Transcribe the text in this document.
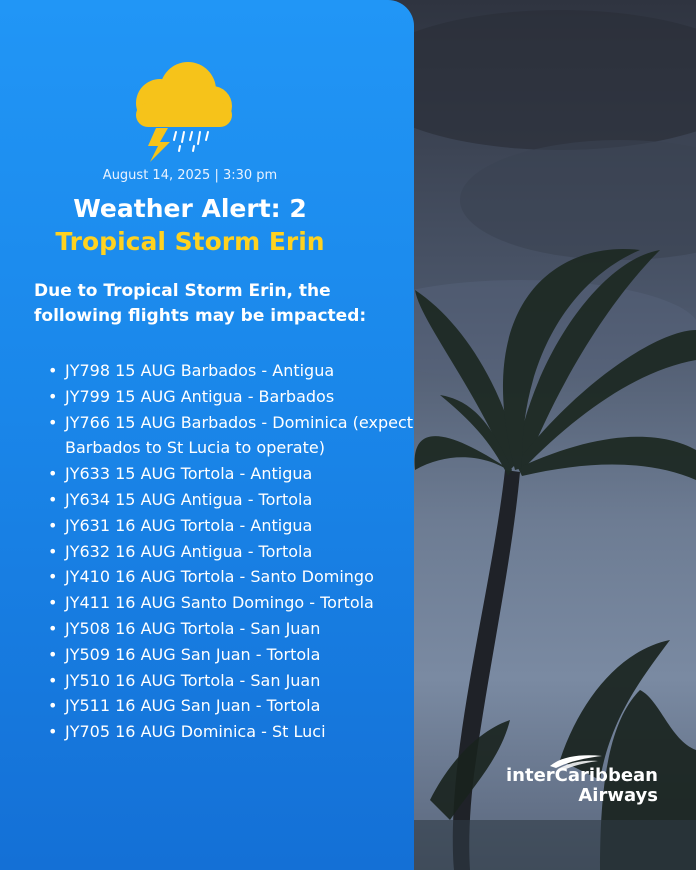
August 14, 2025 | 3:30 pm
Weather Alert: 2
Tropical Storm Erin
Due to Tropical Storm Erin, the following flights may be impacted:
• JY798 15 AUG Barbados - Antigua
• JY799 15 AUG Antigua - Barbados
• JY766 15 AUG Barbados - Dominica (expect Barbados to St Lucia to operate)
• JY633 15 AUG Tortola - Antigua
• JY634 15 AUG Antigua - Tortola
• JY631 16 AUG Tortola - Antigua
• JY632 16 AUG Antigua - Tortola
• JY410 16 AUG Tortola - Santo Domingo
• JY411 16 AUG Santo Domingo - Tortola
• JY508 16 AUG Tortola - San Juan
• JY509 16 AUG San Juan - Tortola
• JY510 16 AUG Tortola - San Juan
• JY511 16 AUG San Juan - Tortola
• JY705 16 AUG Dominica - St Luci
interCaribbean
Airways
